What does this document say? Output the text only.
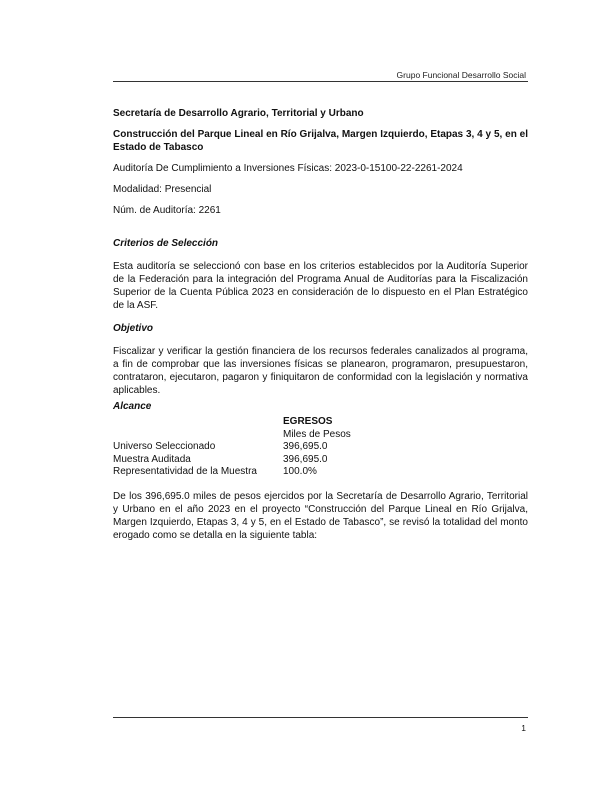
Grupo Funcional Desarrollo Social
Secretaría de Desarrollo Agrario, Territorial y Urbano
Construcción del Parque Lineal en Río Grijalva, Margen Izquierdo, Etapas 3, 4 y 5, en el Estado de Tabasco
Auditoría De Cumplimiento a Inversiones Físicas: 2023-0-15100-22-2261-2024
Modalidad: Presencial
Núm. de Auditoría: 2261
Criterios de Selección
Esta auditoría se seleccionó con base en los criterios establecidos por la Auditoría Superior de la Federación para la integración del Programa Anual de Auditorías para la Fiscalización Superior de la Cuenta Pública 2023 en consideración de lo dispuesto en el Plan Estratégico de la ASF.
Objetivo
Fiscalizar y verificar la gestión financiera de los recursos federales canalizados al programa, a fin de comprobar que las inversiones físicas se planearon, programaron, presupuestaron, contrataron, ejecutaron, pagaron y finiquitaron de conformidad con la legislación y normativa aplicables.
Alcance
EGRESOS
Miles de Pesos
Universo Seleccionado	396,695.0
Muestra Auditada	396,695.0
Representatividad de la Muestra	100.0%
De los 396,695.0 miles de pesos ejercidos por la Secretaría de Desarrollo Agrario, Territorial y Urbano en el año 2023 en el proyecto “Construcción del Parque Lineal en Río Grijalva, Margen Izquierdo, Etapas 3, 4 y 5, en el Estado de Tabasco”, se revisó la totalidad del monto erogado como se detalla en la siguiente tabla:
1
